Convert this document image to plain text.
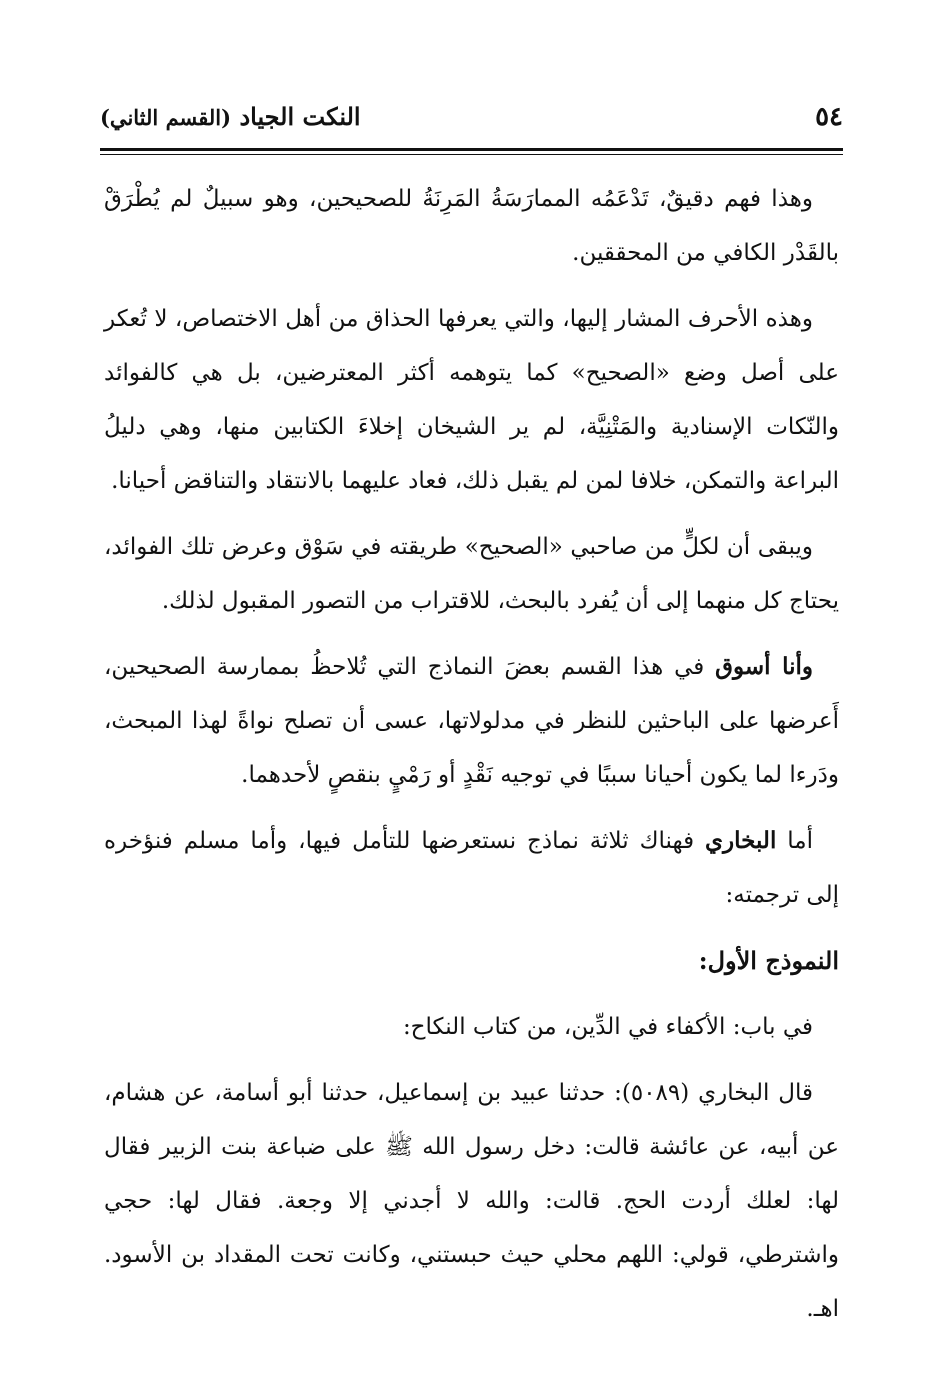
٥٤
النكت الجياد (القسم الثاني)

وهذا فهم دقيقٌ، تَدْعَمُه الممارَسَةُ المَرِنَةُ للصحيحين، وهو سبيلٌ لم يُطْرَقْ بالقَدْر الكافي من المحققين.

وهذه الأحرف المشار إليها، والتي يعرفها الحذاق من أهل الاختصاص، لا تُعكر على أصل وضع «الصحيح» كما يتوهمه أكثر المعترضين، بل هي كالفوائد والنّكات الإسنادية والمَتْنِيَّة، لم ير الشيخان إخلاءَ الكتابين منها، وهي دليلُ البراعة والتمكن، خلافا لمن لم يقبل ذلك، فعاد عليهما بالانتقاد والتناقض أحيانا.

ويبقى أن لكلٍّ من صاحبي «الصحيح» طريقته في سَوْق وعرض تلك الفوائد، يحتاج كل منهما إلى أن يُفرد بالبحث، للاقتراب من التصور المقبول لذلك.

وأنا أسوق في هذا القسم بعضَ النماذج التي تُلاحظُ بممارسة الصحيحين، أَعرضها على الباحثين للنظر في مدلولاتها، عسى أن تصلح نواةً لهذا المبحث، ودَرءا لما يكون أحيانا سببًا في توجيه نَقْدٍ أو رَمْيٍ بنقصٍ لأحدهما.

أما البخاري فهناك ثلاثة نماذج نستعرضها للتأمل فيها، وأما مسلم فنؤخره إلى ترجمته:

النموذج الأول:

في باب: الأكفاء في الدِّين، من كتاب النكاح:

قال البخاري (٥٠٨٩): حدثنا عبيد بن إسماعيل، حدثنا أبو أسامة، عن هشام، عن أبيه، عن عائشة قالت: دخل رسول الله ﷺ على ضباعة بنت الزبير فقال لها: لعلك أردت الحج. قالت: والله لا أجدني إلا وجعة. فقال لها: حجي واشترطي، قولي: اللهم محلي حيث حبستني، وكانت تحت المقداد بن الأسود. اهـ.
